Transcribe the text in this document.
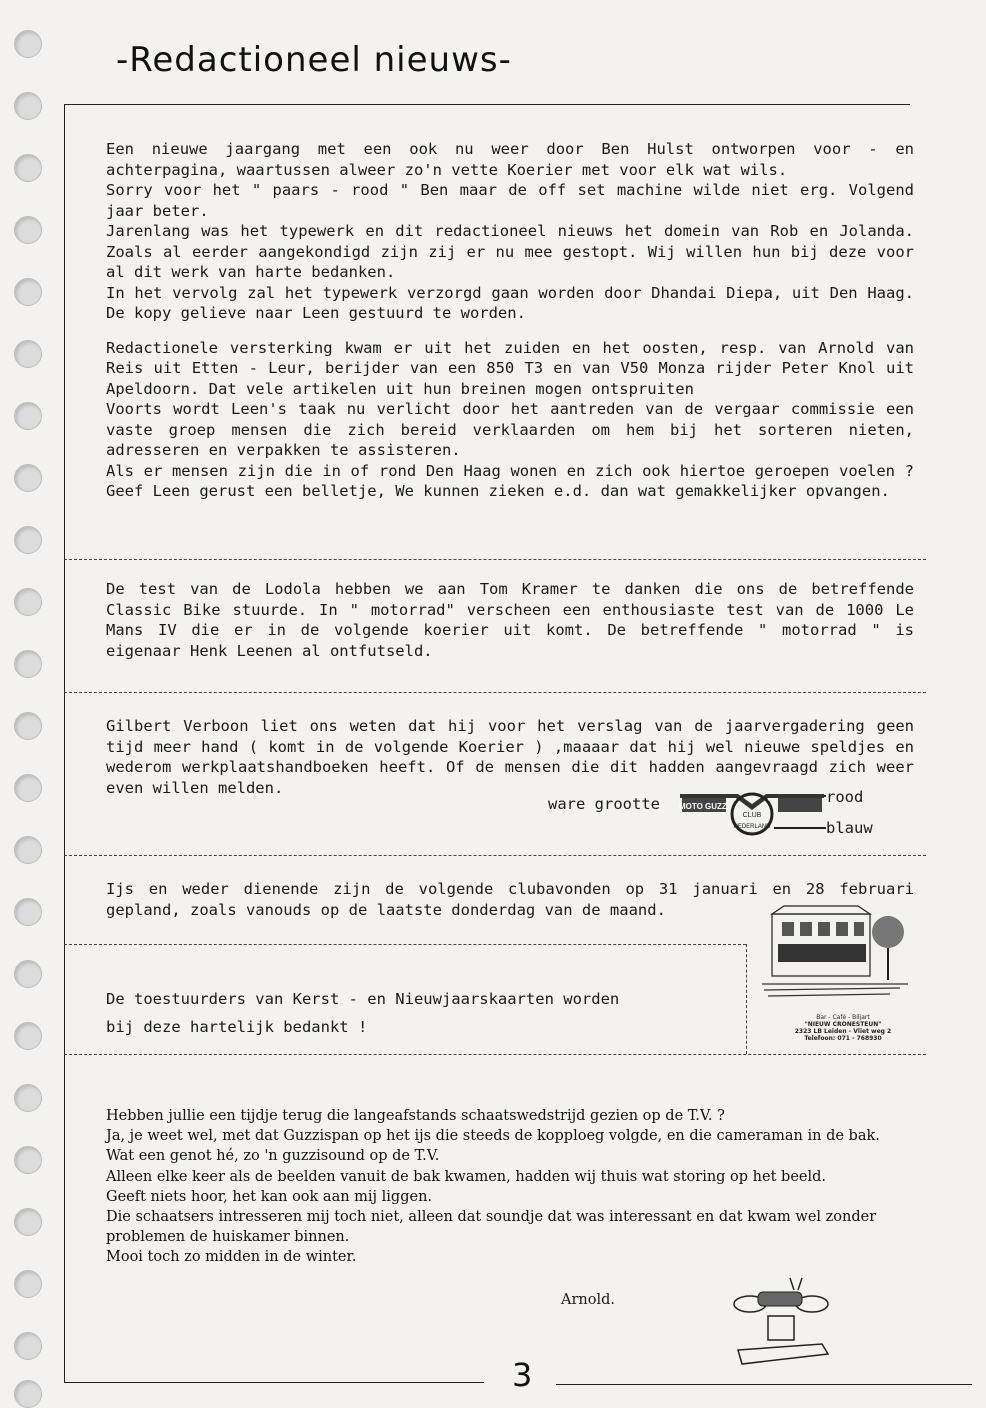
-Redactioneel nieuws-

Een nieuwe jaargang met een ook nu weer door Ben Hulst ontworpen voor - en achterpagina, waartussen alweer zo'n vette Koerier met voor elk wat wils.

Sorry voor het " paars - rood " Ben maar de off set machine wilde niet erg. Volgend jaar beter.

Jarenlang was het typewerk en dit redactioneel nieuws het domein van Rob en Jolanda. Zoals al eerder aangekondigd zijn zij er nu mee gestopt. Wij willen hun bij deze voor al dit werk van harte bedanken.

In het vervolg zal het typewerk verzorgd gaan worden door Dhandai Diepa, uit Den Haag. De kopy gelieve naar Leen gestuurd te worden.

Redactionele versterking kwam er uit het zuiden en het oosten, resp. van Arnold van Reis uit Etten - Leur, berijder van een 850 T3 en van V50 Monza rijder Peter Knol uit Apeldoorn. Dat vele artikelen uit hun breinen mogen ontspruiten

Voorts wordt Leen's taak nu verlicht door het aantreden van de vergaar commissie een vaste groep mensen die zich bereid verklaarden om hem bij het sorteren nieten, adresseren en verpakken te assisteren.

Als er mensen zijn die in of rond Den Haag wonen en zich ook hiertoe geroepen voelen ? Geef Leen gerust een belletje, We kunnen zieken e.d. dan wat gemakkelijker opvangen.

De test van de Lodola hebben we aan Tom Kramer te danken die ons de betreffende Classic Bike stuurde. In " motorrad" verscheen een enthousiaste test van de 1000 Le Mans IV die er in de volgende koerier uit komt. De betreffende " motorrad " is eigenaar Henk Leenen al ontfutseld.

Gilbert Verboon liet ons weten dat hij voor het verslag van de jaarvergadering geen tijd meer hand ( komt in de volgende Koerier ) ,maaaar dat hij wel nieuwe speldjes en wederom werkplaatshandboeken heeft. Of de mensen die dit hadden aangevraagd zich weer even willen melden.

ware grootte MOTO GUZZI
CLUB
NEDERLAND
rood
blauw

Ijs en weder dienende zijn de volgende clubavonden op 31 januari en 28 februari gepland, zoals vanouds op de laatste donderdag van de maand.

De toestuurders van Kerst - en Nieuwjaarskaarten worden

bij deze hartelijk bedankt !

Bar - Café - Biljart
"NIEUW CRONESTEUN"
2323 LB Leiden - Vliet weg 2
Telefoon: 071 - 768930

Hebben jullie een tijdje terug die langeafstands schaatswedstrijd gezien op de T.V. ?

Ja, je weet wel, met dat Guzzispan op het ijs die steeds de kopploeg volgde, en die cameraman in de bak.

Wat een genot hé, zo 'n guzzisound op de T.V.

Alleen elke keer als de beelden vanuit de bak kwamen, hadden wij thuis wat storing op het beeld.

Geeft niets hoor, het kan ook aan mij liggen.

Die schaatsers intresseren mij toch niet, alleen dat soundje dat was interessant en dat kwam wel zonder problemen de huiskamer binnen.

Mooi toch zo midden in de winter.

Arnold.
3
